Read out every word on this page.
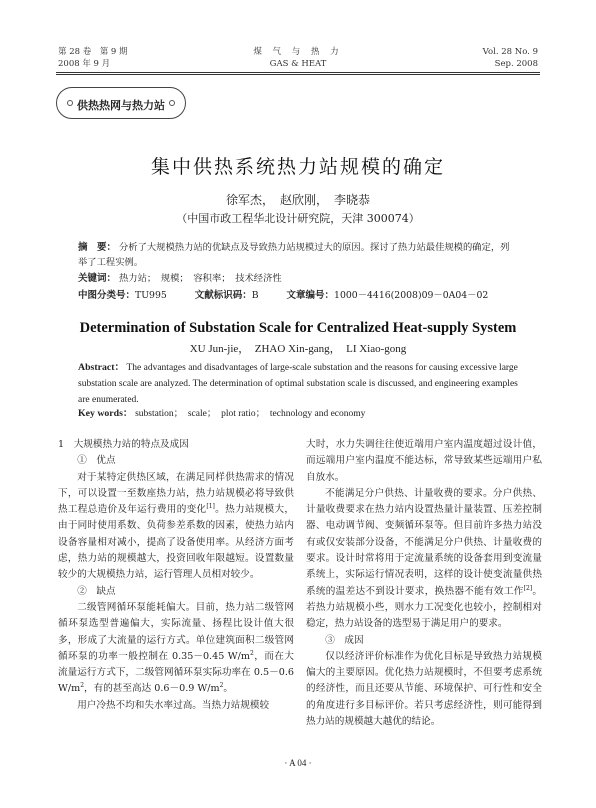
第 28 卷　第 9 期
2008 年 9 月
煤 气 与 热 力
GAS & HEAT
Vol. 28 No. 9
Sep. 2008
供热热网与热力站
集中供热系统热力站规模的确定
徐军杰，　赵欣刚，　李晓恭
（中国市政工程华北设计研究院，天津 300074）
摘　要： 分析了大规模热力站的优缺点及导致热力站规模过大的原因。探讨了热力站最佳规模的确定，列举了工程实例。
关键词： 热力站；　规模；　容积率；　技术经济性
中图分类号：TU995	文献标识码：B	文章编号：1000－4416(2008)09－0A04－02
Determination of Substation Scale for Centralized Heat-supply System
XU Jun-jie，　ZHAO Xin-gang，　LI Xiao-gong
Abstract： The advantages and disadvantages of large-scale substation and the reasons for causing excessive large substation scale are analyzed. The determination of optimal substation scale is discussed, and engineering examples are enumerated.
Key words： substation；　scale；　plot ratio；　technology and economy

1　大规模热力站的特点及成因

①　优点

对于某特定供热区域，在满足同样供热需求的情况下，可以设置一至数座热力站，热力站规模必将导致供热工程总造价及年运行费用的变化[1]。热力站规模大，由于同时使用系数、负荷参差系数的因素，使热力站内设备容量相对减小，提高了设备使用率。从经济方面考虑，热力站的规模越大，投资回收年限越短。设置数量较少的大规模热力站，运行管理人员相对较少。

②　缺点

二级管网循环泵能耗偏大。目前，热力站二级管网循环泵选型普遍偏大，实际流量、扬程比设计值大很多，形成了大流量的运行方式。单位建筑面积二级管网循环泵的功率一般控制在 0.35－0.45 $W/m^2$，而在大流量运行方式下，二级管网循环泵实际功率在 0.5－0.6 $W/m^2$，有的甚至高达 0.6－0.9 $W/m^2$。

用户冷热不均和失水率过高。当热力站规模较

大时，水力失调往往使近端用户室内温度超过设计值，而远端用户室内温度不能达标，常导致某些远端用户私自放水。

不能满足分户供热、计量收费的要求。分户供热、计量收费要求在热力站内设置热量计量装置、压差控制器、电动调节阀、变频循环泵等。但目前许多热力站没有或仅安装部分设备，不能满足分户供热、计量收费的要求。设计时常将用于定流量系统的设备套用到变流量系统上，实际运行情况表明，这样的设计使变流量供热系统的温差达不到设计要求，换热器不能有效工作[2]。若热力站规模小些，则水力工况变化也较小，控制相对稳定，热力站设备的选型易于满足用户的要求。

③　成因

仅以经济评价标准作为优化目标是导致热力站规模偏大的主要原因。优化热力站规模时，不但要考虑系统的经济性，而且还要从节能、环境保护、可行性和安全的角度进行多目标评价。若只考虑经济性，则可能得到热力站的规模越大越优的结论。

· A 04 ·
